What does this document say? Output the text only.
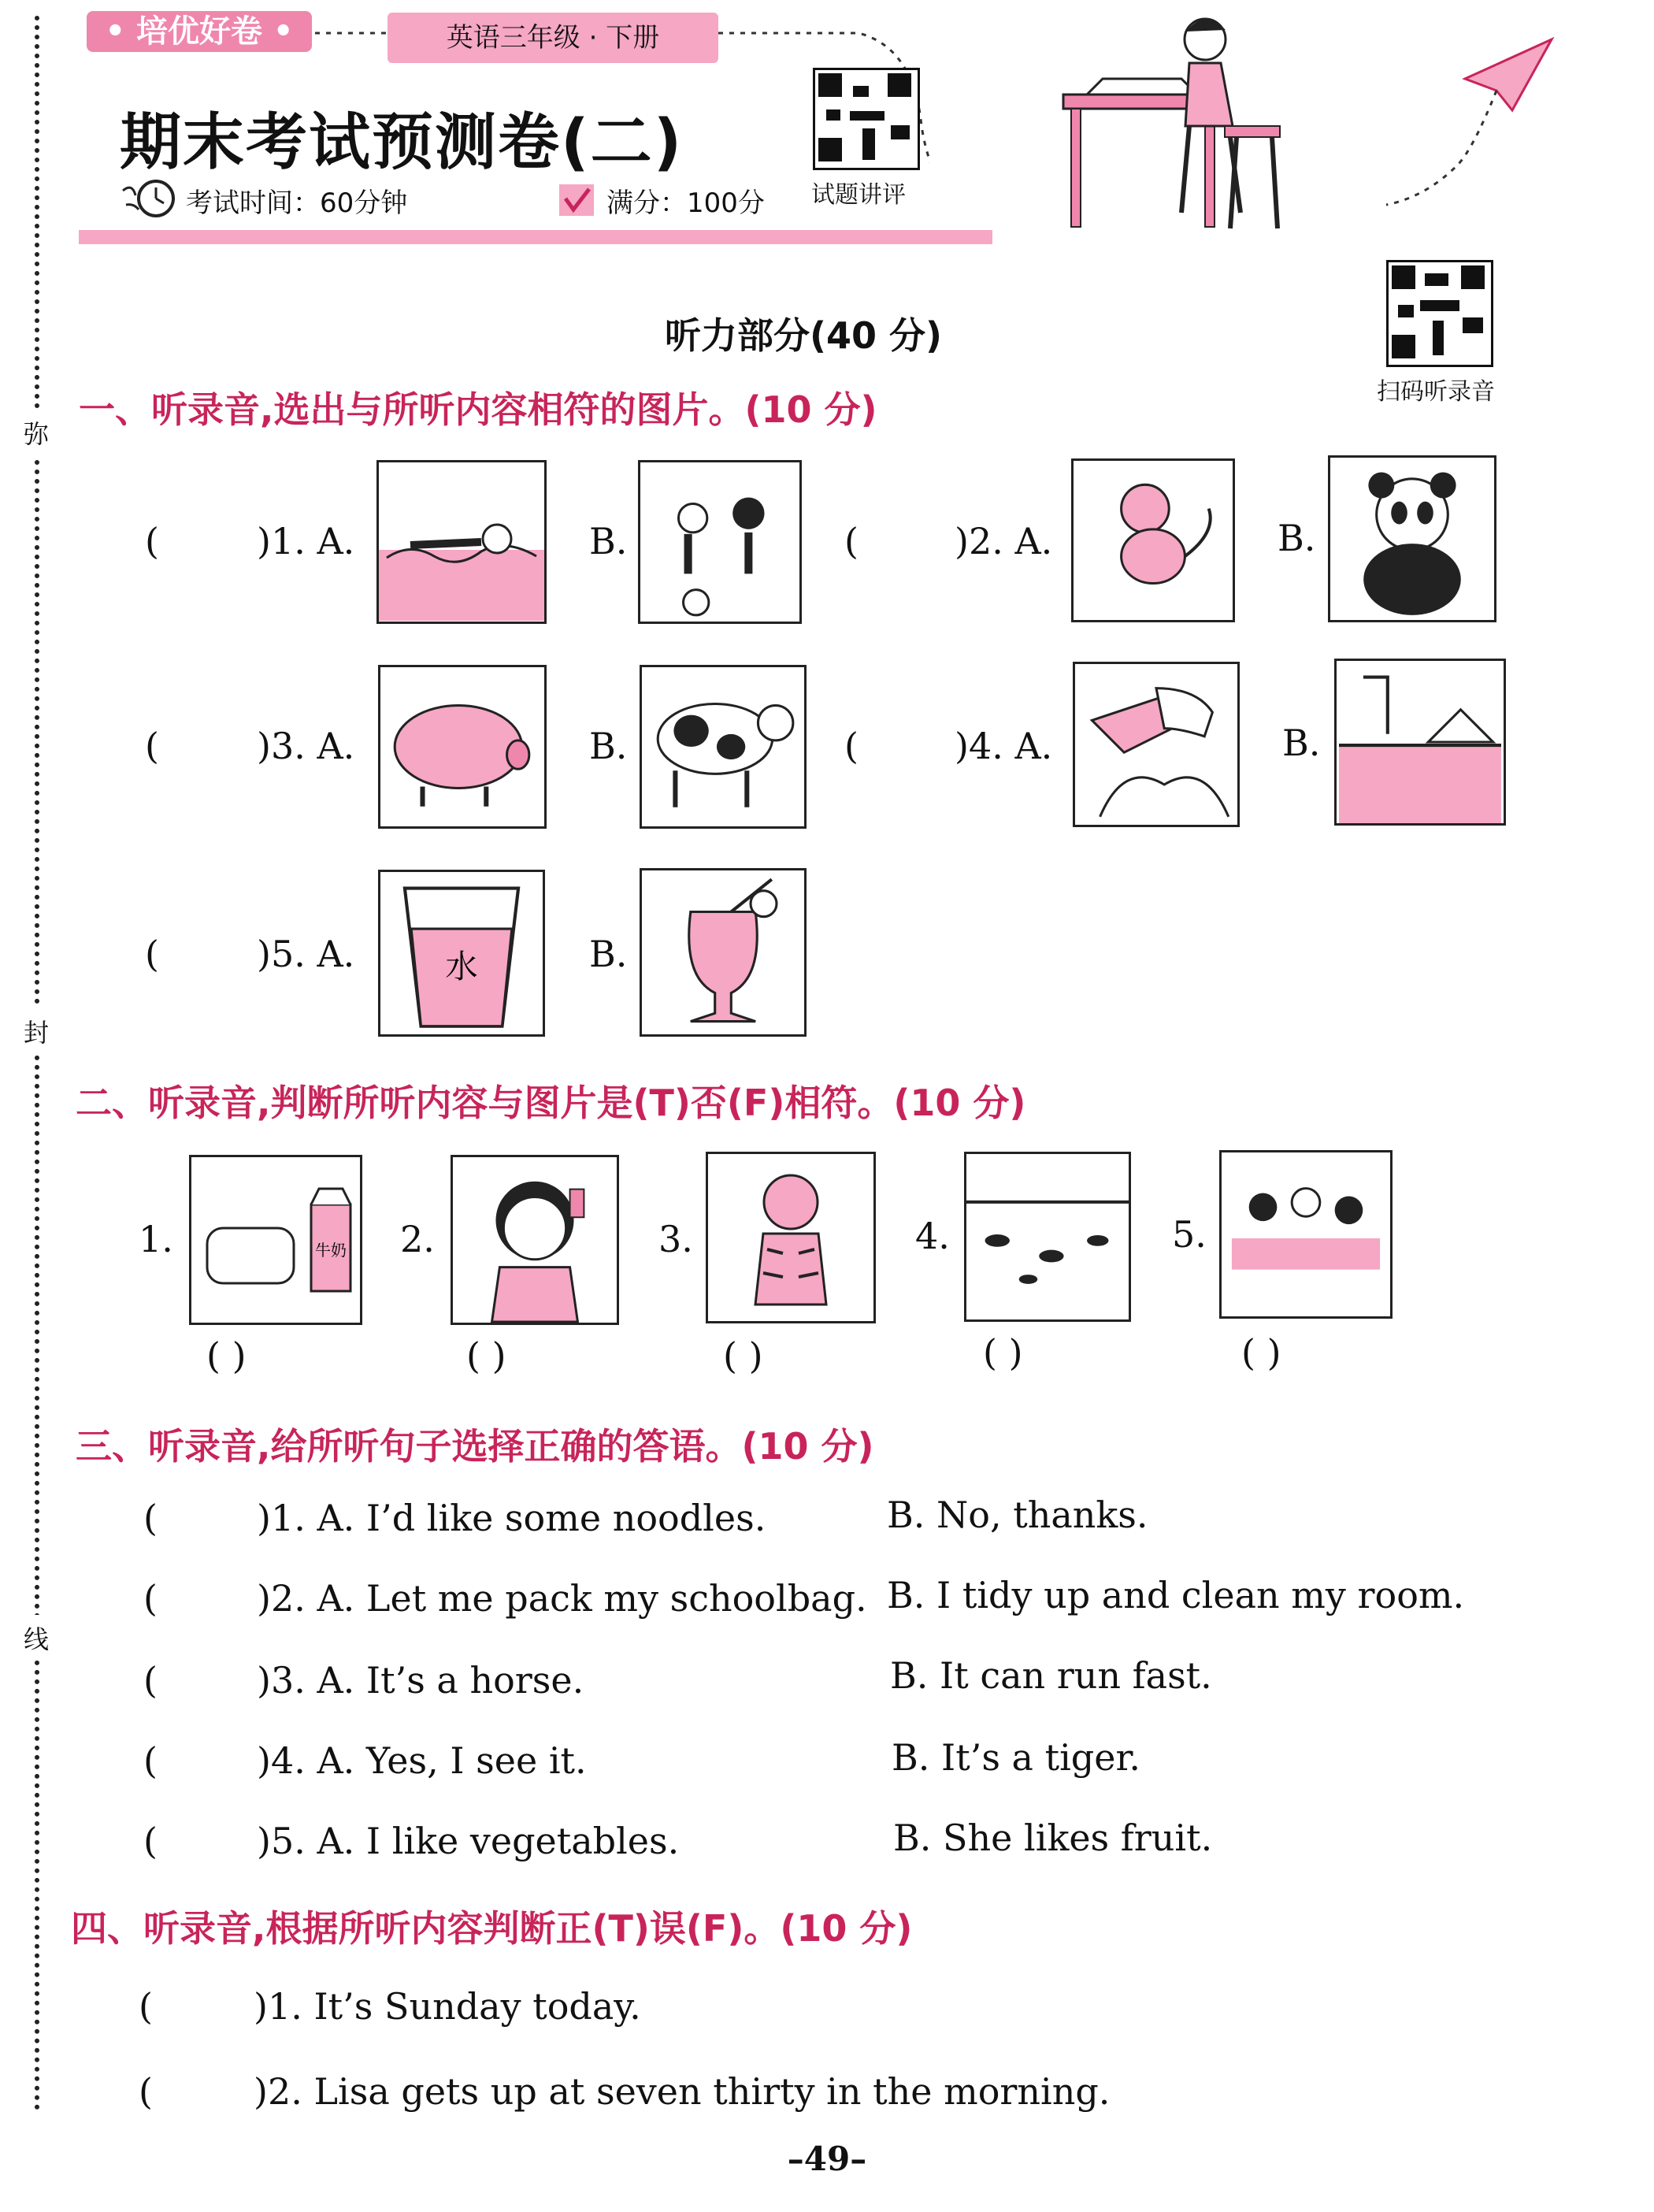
弥
封
线
• 培优好卷 •	英语三年级 · 下册
期末考试预测卷(二)
考试时间：60分钟	满分：100分 试题讲评
扫码听录音
听力部分(40 分)
一、听录音,选出与所听内容相符的图片。(10 分)
(	)1. A.	B.	(	)2. A.	B.
(	)3. A.	B.	(	)4. A.	B.
(	)5. A.	水	B.
二、听录音,判断所听内容与图片是(T)否(F)相符。(10 分)
1.	牛奶
( )
2.
( )
3.
( )
4.
( )
5.
( )
三、听录音,给所听句子选择正确的答语。(10 分)
(	)1. A. I’d like some noodles.	B. No, thanks.
(	)2. A. Let me pack my schoolbag. B. I tidy up and clean my room.
(	)3. A. It’s a horse.	B. It can run fast.
(	)4. A. Yes, I see it.	B. It’s a tiger.
(	)5. A. I like vegetables.	B. She likes fruit.
四、听录音,根据所听内容判断正(T)误(F)。(10 分)
(	)1. It’s Sunday today.
(	)2. Lisa gets up at seven thirty in the morning.
–49–
